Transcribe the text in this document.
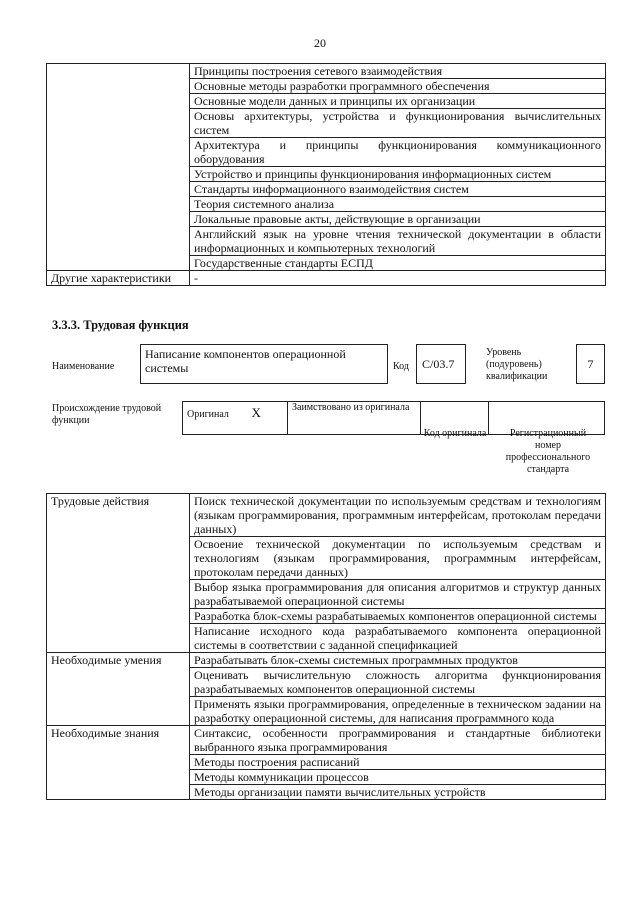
20
	Принципы построения сетевого взаимодействия
	Основные методы разработки программного обеспечения
	Основные модели данных и принципы их организации
	Основы архитектуры, устройства и функционирования вычислительных систем
	Архитектура и принципы функционирования коммуникационного оборудования
	Устройство и принципы функционирования информационных систем
	Стандарты информационного взаимодействия систем
	Теория системного анализа
	Локальные правовые акты, действующие в организации
	Английский язык на уровне чтения технической документации в области информационных и компьютерных технологий
	Государственные стандарты ЕСПД
Другие характеристики	-
3.3.3. Трудовая функция
Наименование
Написание компонентов операционной системы	Код С/03.7
Уровень (подуровень) квалификации
7
Происхождение трудовой функции
Оригинал	Х	Заимствовано из оригинала		
Код оригинала	Регистрационный номер профессионального стандарта
Трудовые действия	Поиск технической документации по используемым средствам и технологиям (языкам программирования, программным интерфейсам, протоколам передачи данных)
	Освоение технической документации по используемым средствам и технологиям (языкам программирования, программным интерфейсам, протоколам передачи данных)
	Выбор языка программирования для описания алгоритмов и структур данных разрабатываемой операционной системы
	Разработка блок-схемы разрабатываемых компонентов операционной системы
	Написание исходного кода разрабатываемого компонента операционной системы в соответствии с заданной спецификацией
Необходимые умения	Разрабатывать блок-схемы системных программных продуктов
	Оценивать вычислительную сложность алгоритма функционирования разрабатываемых компонентов операционной системы
	Применять языки программирования, определенные в техническом задании на разработку операционной системы, для написания программного кода
Необходимые знания	Синтаксис, особенности программирования и стандартные библиотеки выбранного языка программирования
	Методы построения расписаний
	Методы коммуникации процессов
	Методы организации памяти вычислительных устройств
